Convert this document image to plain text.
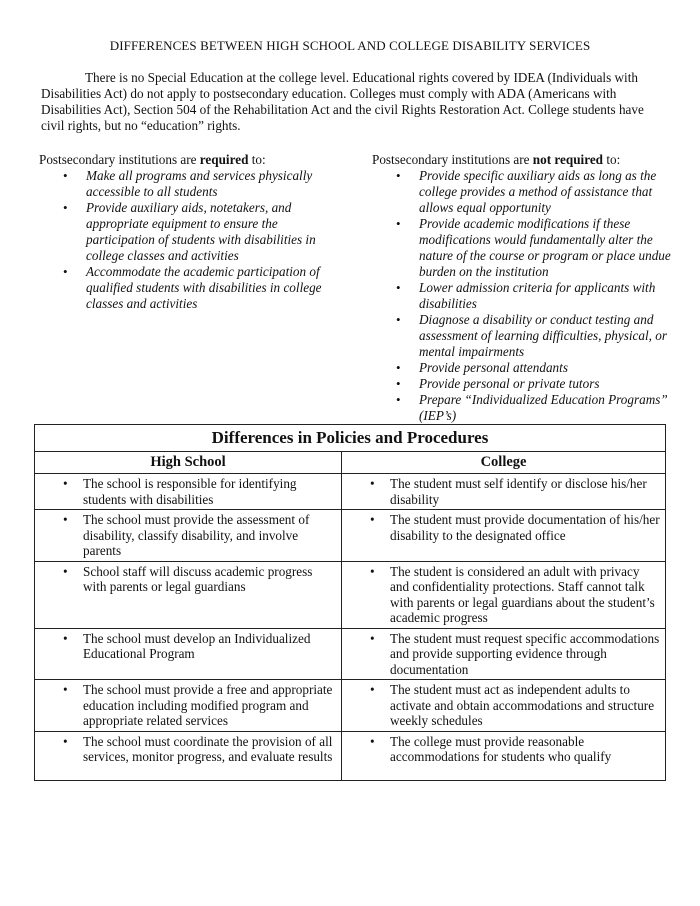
DIFFERENCES BETWEEN HIGH SCHOOL AND COLLEGE DISABILITY SERVICES
There is no Special Education at the college level. Educational rights covered by IDEA (Individuals with Disabilities Act) do not apply to postsecondary education. Colleges must comply with ADA (Americans with Disabilities Act), Section 504 of the Rehabilitation Act and the civil Rights Restoration Act. College students have civil rights, but no “education” rights.
Postsecondary institutions are required to:
• Make all programs and services physically accessible to all students
• Provide auxiliary aids, notetakers, and appropriate equipment to ensure the participation of students with disabilities in college classes and activities
• Accommodate the academic participation of qualified students with disabilities in college classes and activities
Postsecondary institutions are not required to:
• Provide specific auxiliary aids as long as the college provides a method of assistance that allows equal opportunity
• Provide academic modifications if these modifications would fundamentally alter the nature of the course or program or place undue burden on the institution
• Lower admission criteria for applicants with disabilities
• Diagnose a disability or conduct testing and assessment of learning difficulties, physical, or mental impairments
• Provide personal attendants
• Provide personal or private tutors
• Prepare “Individualized Education Programs” (IEP’s)
Differences in Policies and Procedures	
High School	College

• The school is responsible for identifying students with disabilities	• The student must self identify or disclose his/her disability

• The school must provide the assessment of disability, classify disability, and involve parents	• The student must provide documentation of his/her disability to the designated office

• School staff will discuss academic progress with parents or legal guardians	• The student is considered an adult with privacy and confidentiality protections. Staff cannot talk with parents or legal guardians about the student’s academic progress

• The school must develop an Individualized Educational Program	• The student must request specific accommodations and provide supporting evidence through documentation

• The school must provide a free and appropriate education including modified program and appropriate related services	• The student must act as independent adults to activate and obtain accommodations and structure weekly schedules

• The school must coordinate the provision of all services, monitor progress, and evaluate results	• The college must provide reasonable accommodations for students who qualify
